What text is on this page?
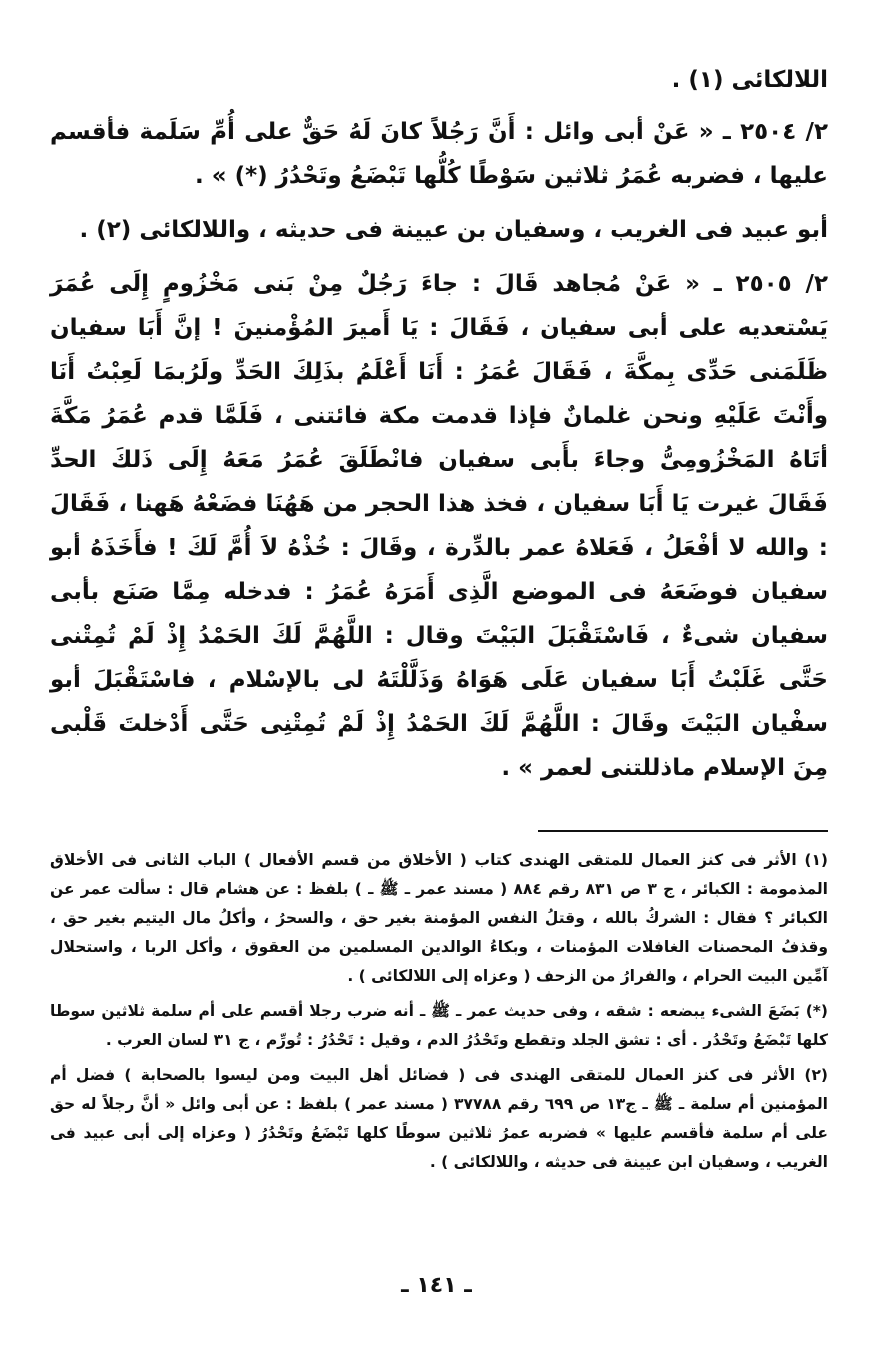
اللالكائى (١) .

٢/ ٢٥٠٤ ـ « عَنْ أبى وائل : أَنَّ رَجُلاً كانَ لَهُ حَقٌّ على أُمِّ سَلَمة فأقسم عليها ، فضربه عُمَرُ ثلاثين سَوْطًا كُلُّها تَبْضَعُ وتَحْدُرُ (*) » .

أبو عبيد فى الغريب ، وسفيان بن عيينة فى حديثه ، واللالكائى (٢) .

٢/ ٢٥٠٥ ـ « عَنْ مُجاهد قَالَ : جاءَ رَجُلٌ مِنْ بَنى مَخْزُومٍ إِلَى عُمَرَ يَسْتعديه على أبى سفيان ، فَقَالَ : يَا أَميرَ المُؤْمنينَ ! إنَّ أَبَا سفيان ظَلَمَنى حَدِّى بِمكَّةَ ، فَقَالَ عُمَرُ : أَنَا أَعْلَمُ بذَلِكَ الحَدِّ ولَرُبمَا لَعِبْتُ أَنَا وأَنْتَ عَلَيْهِ ونحن غلمانٌ فإذا قدمت مكة فائتنى ، فَلَمَّا قدم عُمَرُ مَكَّةَ أتَاهُ المَخْزُومِىُّ وجاءَ بأَبى سفيان فانْطَلَقَ عُمَرُ مَعَهُ إِلَى ذَلكَ الحدِّ فَقَالَ غيرت يَا أَبَا سفيان ، فخذ هذا الحجر من هَهُنَا فضَعْهُ هَهنا ، فَقَالَ : والله لا أفْعَلُ ، فَعَلاهُ عمر بالدِّرة ، وقَالَ : خُذْهُ لاَ أُمَّ لَكَ ! فأَخَذَهُ أبو سفيان فوضَعَهُ فى الموضع الَّذِى أَمَرَهُ عُمَرُ : فدخله مِمَّا صَنَع بأبى سفيان شىءٌ ، فَاسْتَقْبَلَ البَيْتَ وقال : اللَّهُمَّ لَكَ الحَمْدُ إِذْ لَمْ تُمِتْنى حَتَّى غَلَبْتُ أَبَا سفيان عَلَى هَوَاهُ وَذَلَّلْتَهُ لى بالإسْلام ، فاسْتَقْبَلَ أبو سفْيان البَيْتَ وقَالَ : اللَّهُمَّ لَكَ الحَمْدُ إِذْ لَمْ تُمِتْنِى حَتَّى أَدْخلتَ قَلْبى مِنَ الإسلام ماذللتنى لعمر » .

(١) الأثر فى كنز العمال للمتقى الهندى كتاب ( الأخلاق من قسم الأفعال ) الباب الثانى فى الأخلاق المذمومة : الكبائر ، ج ٣ ص ٨٣١ رقم ٨٨٤ ( مسند عمر ـ ﷺ ـ ) بلفظ : عن هشام قال : سألت عمر عن الكبائر ؟ فقال : الشركُ بالله ، وقتلُ النفس المؤمنة بغير حق ، والسحرُ ، وأكلُ مال اليتيم بغير حق ، وقذفُ المحصنات الغافلات المؤمنات ، وبكاءُ الوالدين المسلمين من العقوق ، وأكل الربا ، واستحلال آمِّين البيت الحرام ، والفرارُ من الزحف ( وعزاه إلى اللالكائى ) .

(*) بَضَعَ الشىء يبضعه : شقه ، وفى حديث عمر ـ ﷺ ـ أنه ضرب رجلا أقسم على أم سلمة ثلاثين سوطا كلها تَبْضَعُ وتَحْدُر . أى : تشق الجلد وتقطع وتَحْدُرُ الدم ، وقيل : تَحْدُرُ : تُورِّم ، ج ٣١ لسان العرب .

(٢) الأثر فى كنز العمال للمتقى الهندى فى ( فضائل أهل البيت ومن ليسوا بالصحابة ) فضل أم المؤمنين أم سلمة ـ ﷺ ـ ج١٣ ص ٦٩٩ رقم ٣٧٧٨٨ ( مسند عمر ) بلفظ : عن أبى وائل « أنَّ رجلاً له حق على أم سلمة فأقسم عليها » فضربه عمرُ ثلاثين سوطًا كلها تَبْضَعُ وتَحْدُرُ ( وعزاه إلى أبى عبيد فى الغريب ، وسفيان ابن عيينة فى حديثه ، واللالكائى ) .

ـ ١٤١ ـ
